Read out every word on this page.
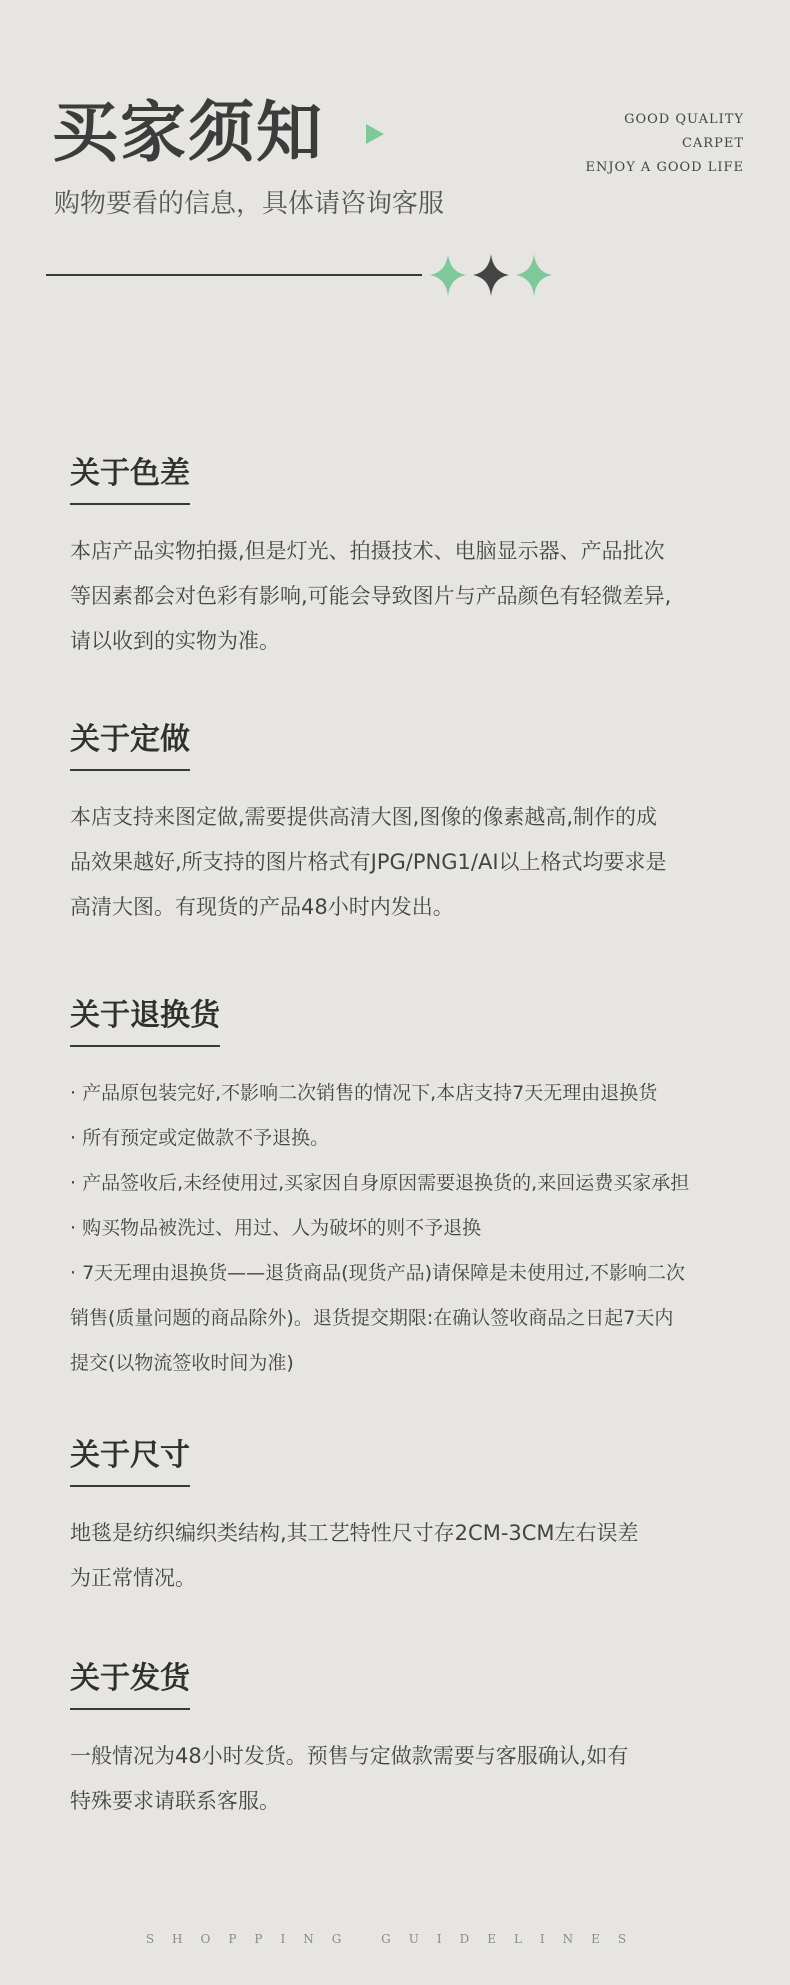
买家须知
购物要看的信息，具体请咨询客服
GOOD QUALITY
CARPET
ENJOY A GOOD LIFE
关于色差

本店产品实物拍摄,但是灯光、拍摄技术、电脑显示器、产品批次

等因素都会对色彩有影响,可能会导致图片与产品颜色有轻微差异,

请以收到的实物为准。

关于定做

本店支持来图定做,需要提供高清大图,图像的像素越高,制作的成

品效果越好,所支持的图片格式有JPG/PNG1/AI以上格式均要求是

高清大图。有现货的产品48小时内发出。

关于退换货
· 产品原包装完好,不影响二次销售的情况下,本店支持7天无理由退换货
· 所有预定或定做款不予退换。
· 产品签收后,未经使用过,买家因自身原因需要退换货的,来回运费买家承担
· 购买物品被洗过、用过、人为破坏的则不予退换
· 7天无理由退换货——退货商品(现货产品)请保障是未使用过,不影响二次
销售(质量问题的商品除外)。退货提交期限:在确认签收商品之日起7天内
提交(以物流签收时间为准)
关于尺寸

地毯是纺织编织类结构,其工艺特性尺寸存2CM-3CM左右误差

为正常情况。

关于发货

一般情况为48小时发货。预售与定做款需要与客服确认,如有

特殊要求请联系客服。

SHOPPING GUIDELINES
